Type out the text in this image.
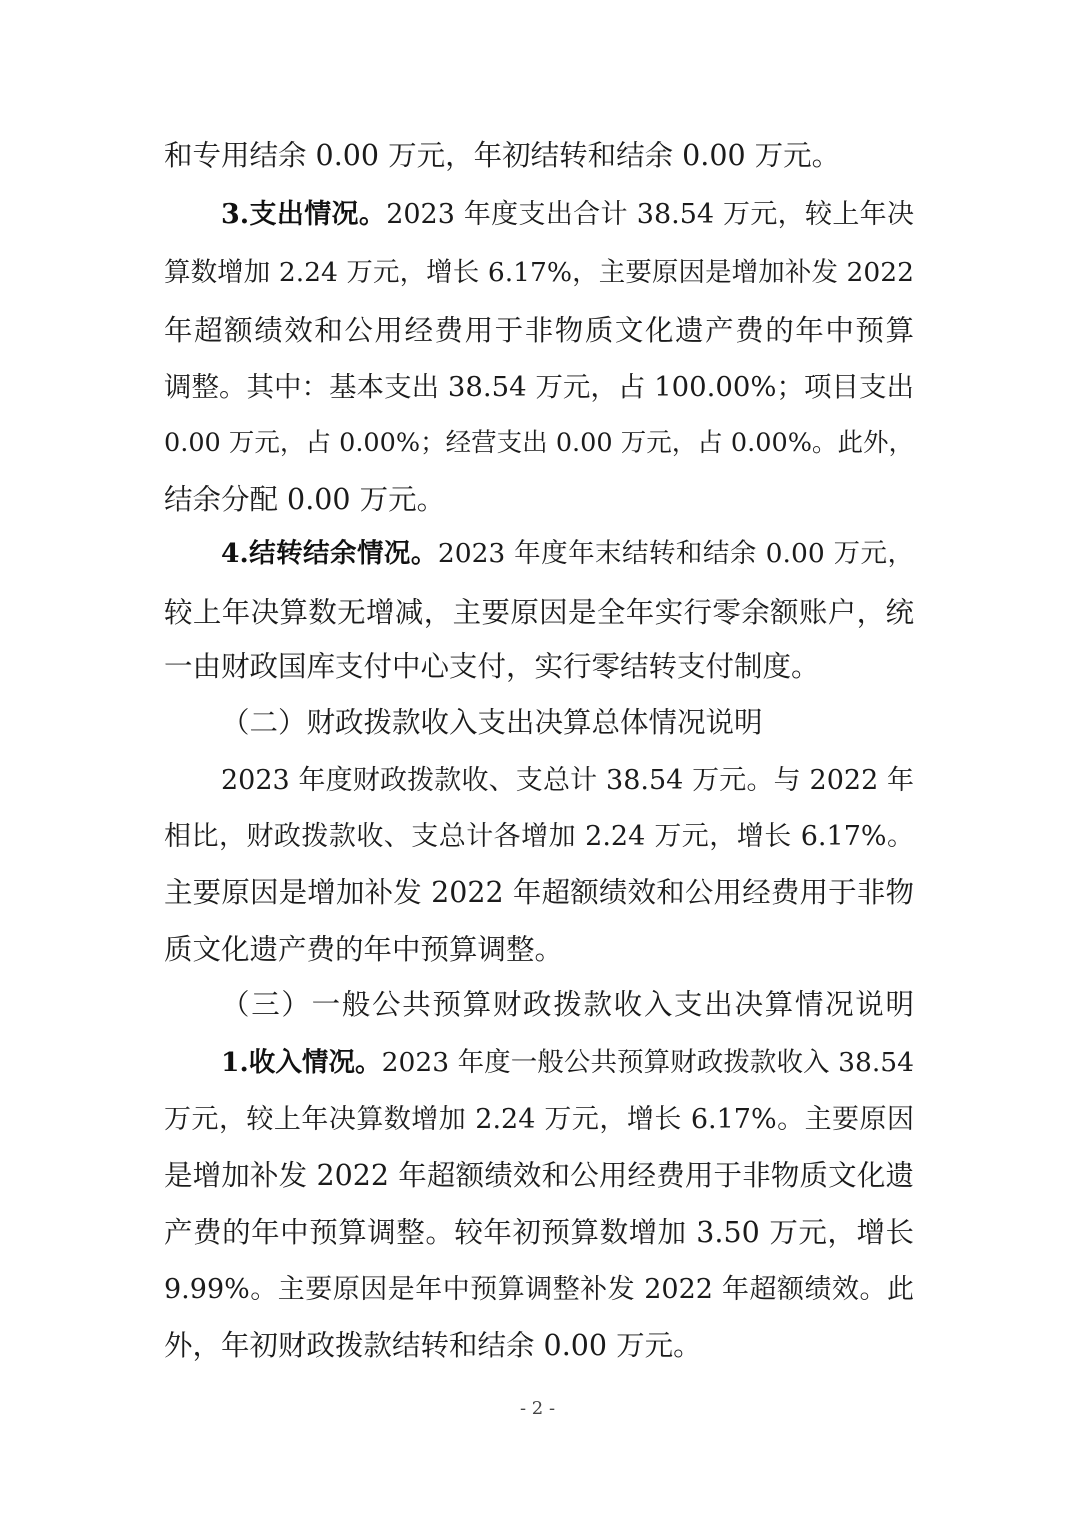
和专用结余 0.00 万元，年初结转和结余 0.00 万元。

3.支出情况。2023 年度支出合计 38.54 万元，较上年决

算数增加 2.24 万元，增长 6.17%，主要原因是增加补发 2022

年超额绩效和公用经费用于非物质文化遗产费的年中预算

调整。其中：基本支出 38.54 万元，占 100.00%；项目支出

0.00 万元，占 0.00%；经营支出 0.00 万元，占 0.00%。此外，

结余分配 0.00 万元。

4.结转结余情况。2023 年度年末结转和结余 0.00 万元，

较上年决算数无增减，主要原因是全年实行零余额账户，统

一由财政国库支付中心支付，实行零结转支付制度。

（二）财政拨款收入支出决算总体情况说明

2023 年度财政拨款收、支总计 38.54 万元。与 2022 年

相比，财政拨款收、支总计各增加 2.24 万元，增长 6.17%。

主要原因是增加补发 2022 年超额绩效和公用经费用于非物

质文化遗产费的年中预算调整。

（三）一般公共预算财政拨款收入支出决算情况说明

1.收入情况。2023 年度一般公共预算财政拨款收入 38.54

万元，较上年决算数增加 2.24 万元，增长 6.17%。主要原因

是增加补发 2022 年超额绩效和公用经费用于非物质文化遗

产费的年中预算调整。较年初预算数增加 3.50 万元，增长

9.99%。主要原因是年中预算调整补发 2022 年超额绩效。此

外，年初财政拨款结转和结余 0.00 万元。

- 2 -
